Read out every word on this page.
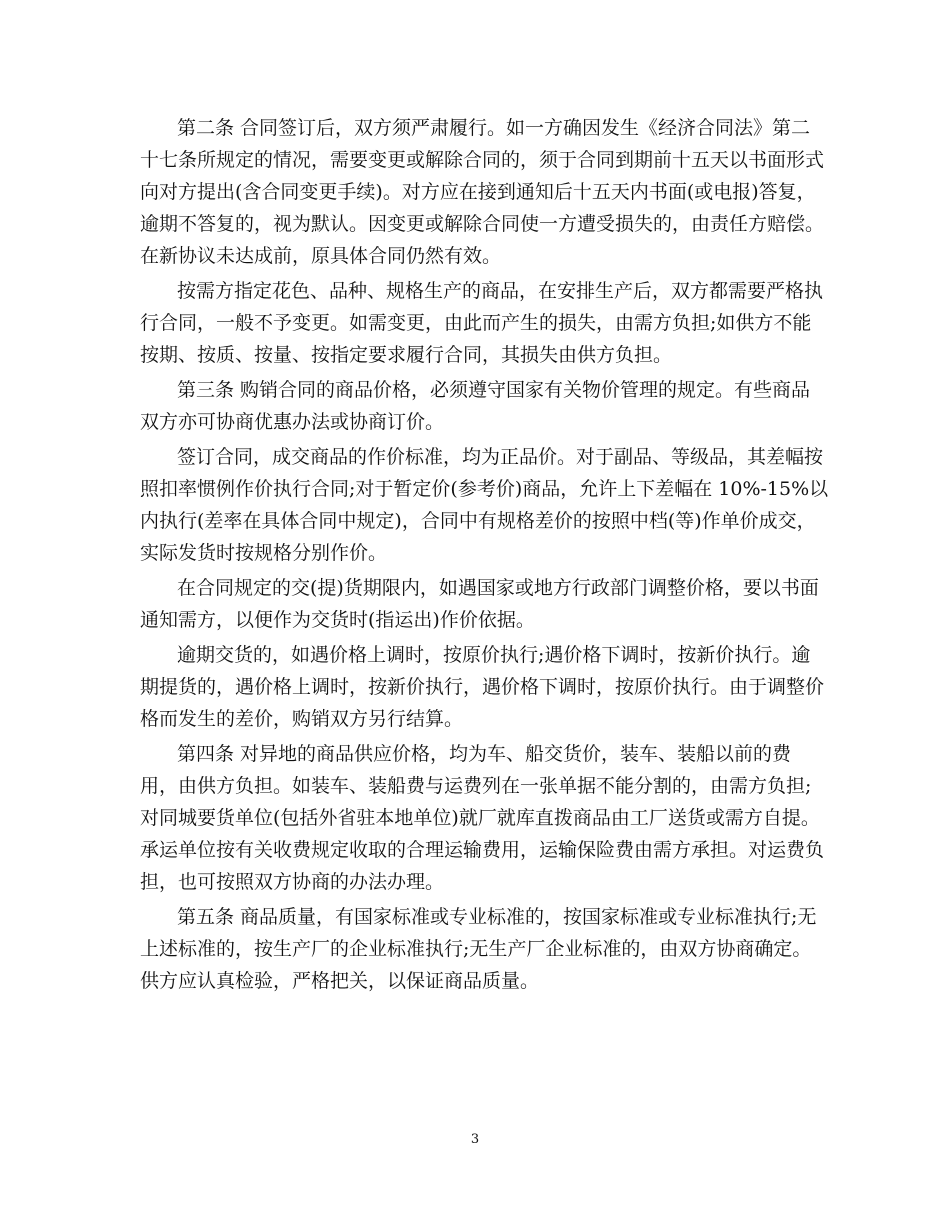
第二条 合同签订后，双方须严肃履行。如一方确因发生《经济合同法》第二
十七条所规定的情况，需要变更或解除合同的，须于合同到期前十五天以书面形式
向对方提出(含合同变更手续)。对方应在接到通知后十五天内书面(或电报)答复，
逾期不答复的，视为默认。因变更或解除合同使一方遭受损失的，由责任方赔偿。
在新协议未达成前，原具体合同仍然有效。
按需方指定花色、品种、规格生产的商品，在安排生产后，双方都需要严格执
行合同，一般不予变更。如需变更，由此而产生的损失，由需方负担;如供方不能
按期、按质、按量、按指定要求履行合同，其损失由供方负担。
第三条 购销合同的商品价格，必须遵守国家有关物价管理的规定。有些商品
双方亦可协商优惠办法或协商订价。
签订合同，成交商品的作价标准，均为正品价。对于副品、等级品，其差幅按
照扣率惯例作价执行合同;对于暂定价(参考价)商品，允许上下差幅在 10%-15%以
内执行(差率在具体合同中规定)，合同中有规格差价的按照中档(等)作单价成交，
实际发货时按规格分别作价。
在合同规定的交(提)货期限内，如遇国家或地方行政部门调整价格，要以书面
通知需方，以便作为交货时(指运出)作价依据。
逾期交货的，如遇价格上调时，按原价执行;遇价格下调时，按新价执行。逾
期提货的，遇价格上调时，按新价执行，遇价格下调时，按原价执行。由于调整价
格而发生的差价，购销双方另行结算。
第四条 对异地的商品供应价格，均为车、船交货价，装车、装船以前的费
用，由供方负担。如装车、装船费与运费列在一张单据不能分割的，由需方负担;
对同城要货单位(包括外省驻本地单位)就厂就库直拨商品由工厂送货或需方自提。
承运单位按有关收费规定收取的合理运输费用，运输保险费由需方承担。对运费负
担，也可按照双方协商的办法办理。
第五条 商品质量，有国家标准或专业标准的，按国家标准或专业标准执行;无
上述标准的，按生产厂的企业标准执行;无生产厂企业标准的，由双方协商确定。
供方应认真检验，严格把关，以保证商品质量。
3
